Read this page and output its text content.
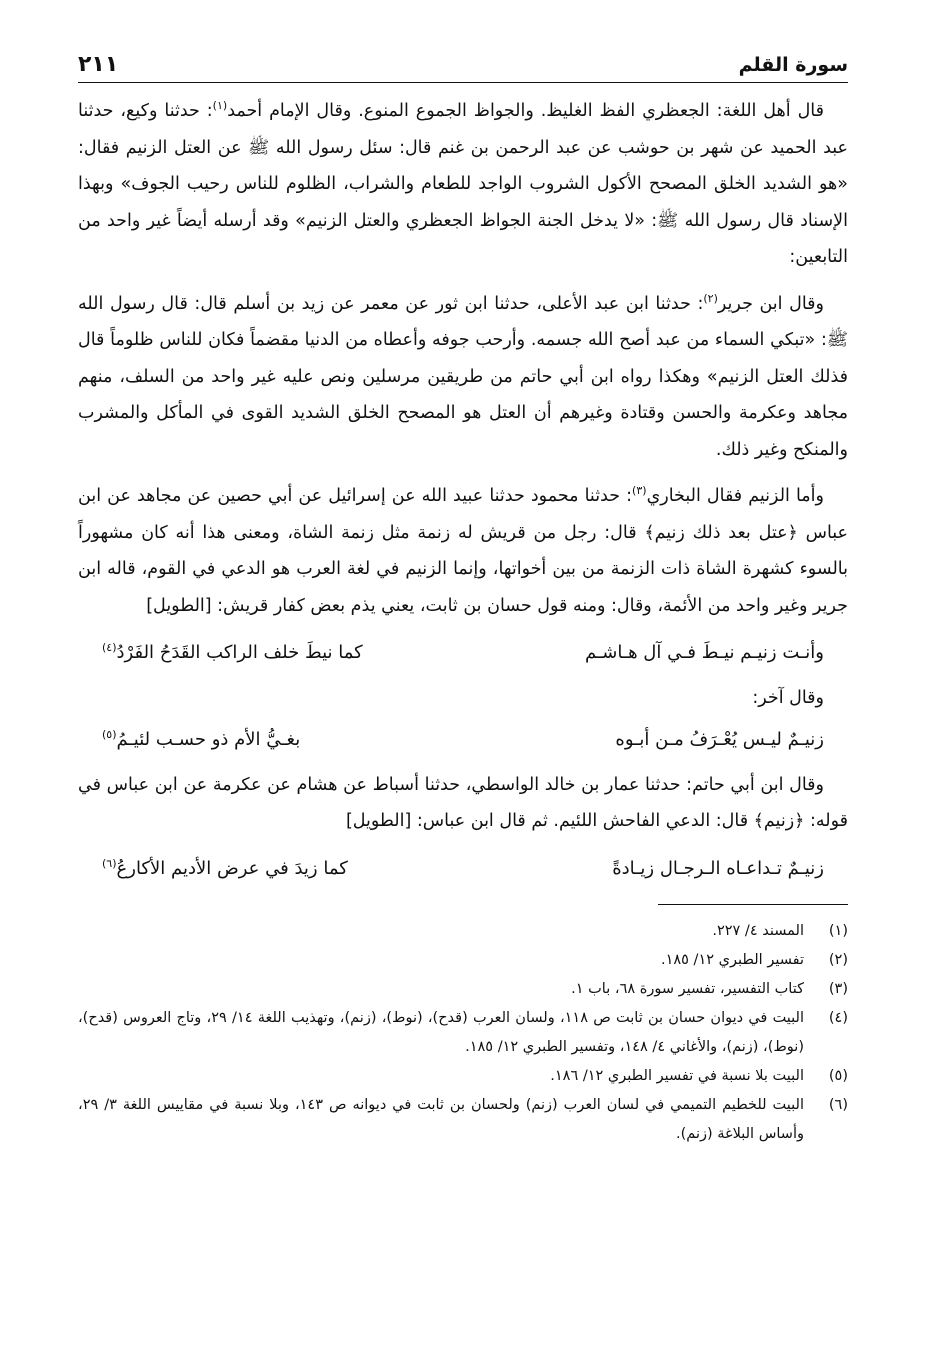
سورة القلم
٢١١

قال أهل اللغة: الجعظري الفظ الغليظ. والجواظ الجموع المنوع. وقال الإمام أحمد$^{(١)}$: حدثنا وكيع، حدثنا عبد الحميد عن شهر بن حوشب عن عبد الرحمن بن غنم قال: سئل رسول الله ﷺ عن العتل الزنيم فقال: «هو الشديد الخلق المصحح الأكول الشروب الواجد للطعام والشراب، الظلوم للناس رحيب الجوف» وبهذا الإسناد قال رسول الله ﷺ: «لا يدخل الجنة الجواظ الجعظري والعتل الزنيم» وقد أرسله أيضاً غير واحد من التابعين:

وقال ابن جرير$^{(٢)}$: حدثنا ابن عبد الأعلى، حدثنا ابن ثور عن معمر عن زيد بن أسلم قال: قال رسول الله ﷺ: «تبكي السماء من عبد أصح الله جسمه. وأرحب جوفه وأعطاه من الدنيا مقضماً فكان للناس ظلوماً قال فذلك العتل الزنيم» وهكذا رواه ابن أبي حاتم من طريقين مرسلين ونص عليه غير واحد من السلف، منهم مجاهد وعكرمة والحسن وقتادة وغيرهم أن العتل هو المصحح الخلق الشديد القوى في المأكل والمشرب والمنكح وغير ذلك.

وأما الزنيم فقال البخاري$^{(٣)}$: حدثنا محمود حدثنا عبيد الله عن إسرائيل عن أبي حصين عن مجاهد عن ابن عباس ﴿عتل بعد ذلك زنيم﴾ قال: رجل من قريش له زنمة مثل زنمة الشاة، ومعنى هذا أنه كان مشهوراً بالسوء كشهرة الشاة ذات الزنمة من بين أخواتها، وإنما الزنيم في لغة العرب هو الدعي في القوم، قاله ابن جرير وغير واحد من الأئمة، وقال: ومنه قول حسان بن ثابت، يعني يذم بعض كفار قريش: [الطويل]

وأنـت زنيـم نيـطَ فـي آل هـاشـم
كما نيطَ خلف الراكب القَدَحُ الفَرْدُ$^{(٤)}$

وقال آخر:

زنيـمٌ ليـس يُعْـرَفُ مـن أبـوه
بغـيُّ الأم ذو حسـب لئيـمُ$^{(٥)}$

وقال ابن أبي حاتم: حدثنا عمار بن خالد الواسطي، حدثنا أسباط عن هشام عن عكرمة عن ابن عباس في قوله: ﴿زنيم﴾ قال: الدعي الفاحش اللئيم. ثم قال ابن عباس: [الطويل]

زنيـمٌ تـداعـاه الـرجـال زيـادةً
كما زيدَ في عرض الأديم الأكارعُ$^{(٦)}$
(١)
المسند ٤/ ٢٢٧.
(٢)
تفسير الطبري ١٢/ ١٨٥.
(٣)
كتاب التفسير، تفسير سورة ٦٨، باب ١.
(٤)
البيت في ديوان حسان بن ثابت ص ١١٨، ولسان العرب (قدح)، (نوط)، (زنم)، وتهذيب اللغة ١٤/ ٢٩، وتاج العروس (قدح)، (نوط)، (زنم)، والأغاني ٤/ ١٤٨، وتفسير الطبري ١٢/ ١٨٥.
(٥)
البيت بلا نسبة في تفسير الطبري ١٢/ ١٨٦.
(٦)
البيت للخطيم التميمي في لسان العرب (زنم) ولحسان بن ثابت في ديوانه ص ١٤٣، وبلا نسبة في مقاييس اللغة ٣/ ٢٩، وأساس البلاغة (زنم).
